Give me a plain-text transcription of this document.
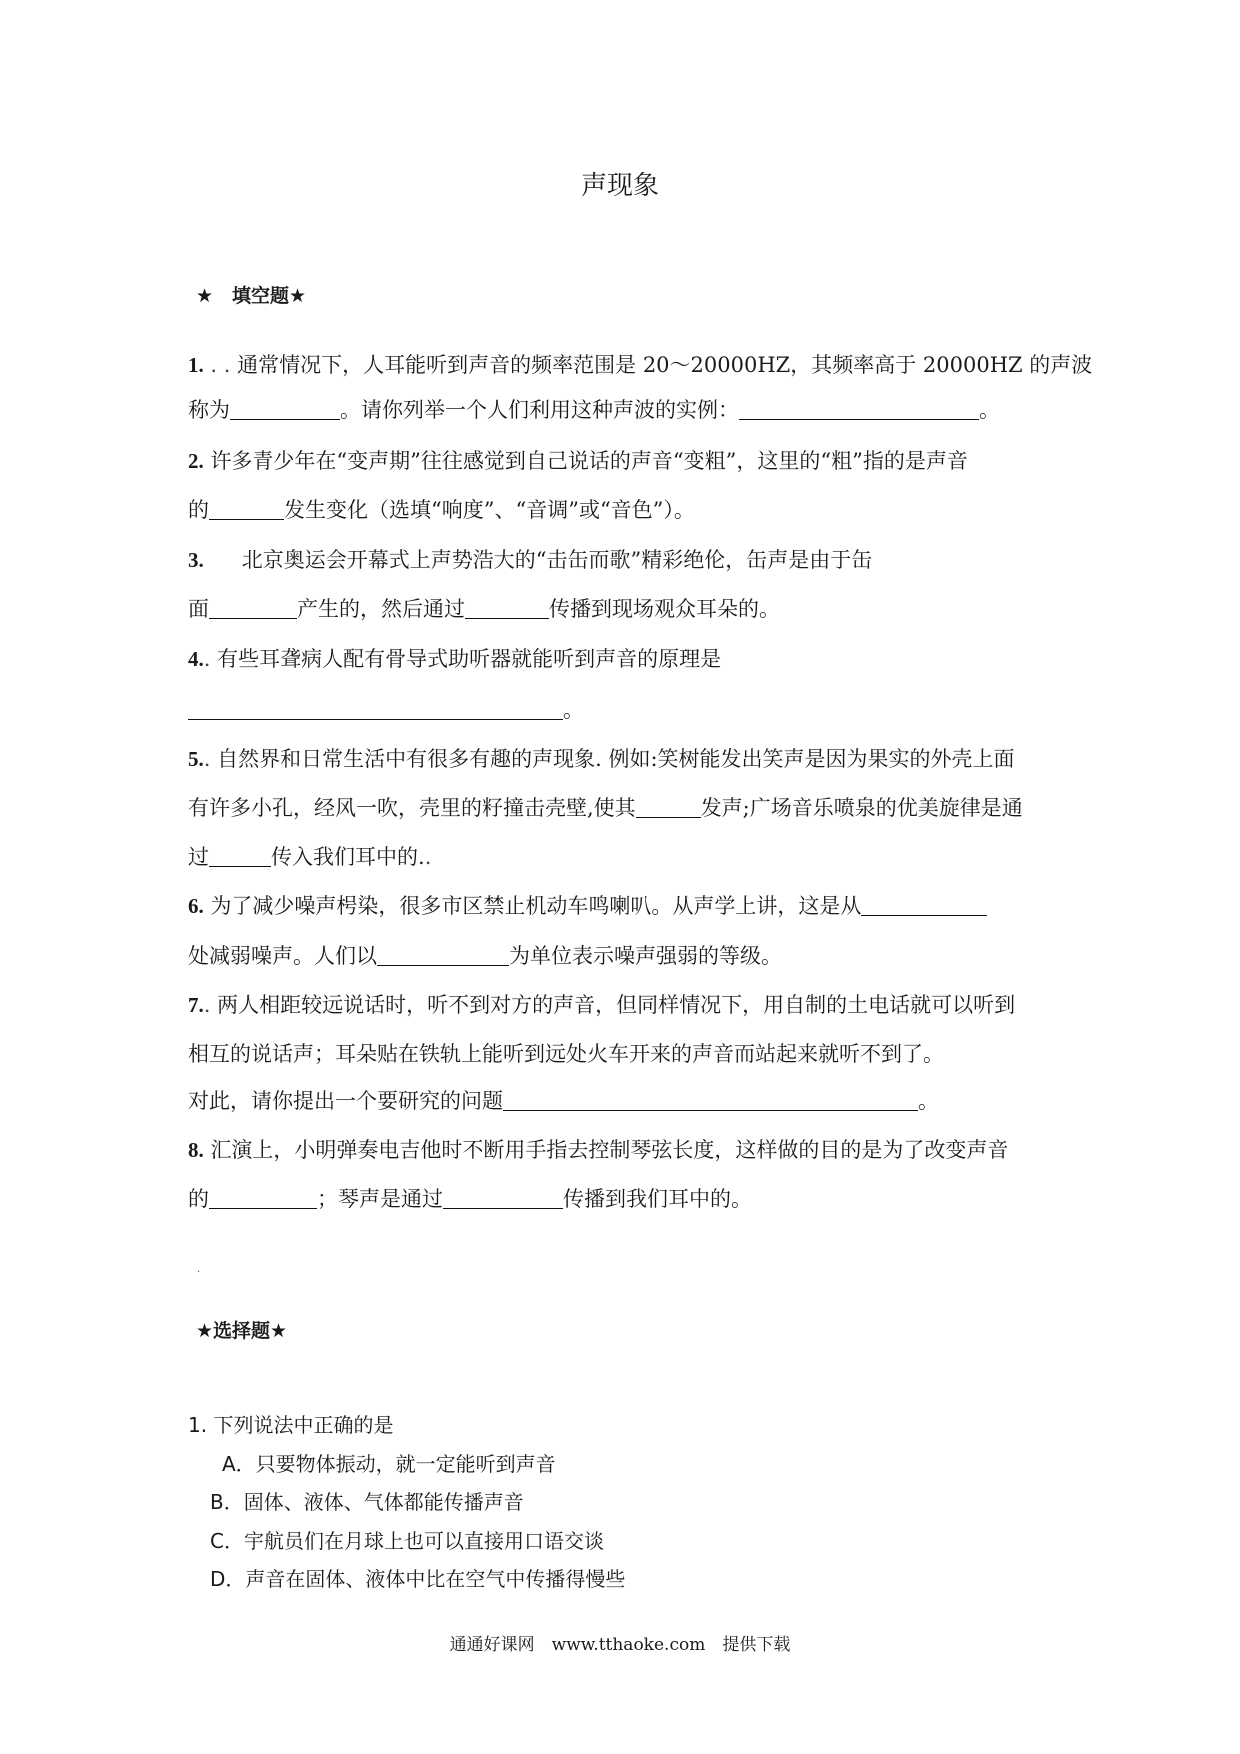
声现象
★　填空题★
1. . . 通常情况下，人耳能听到声音的频率范围是 20～20000HZ，其频率高于 20000HZ 的声波
称为	。请你列举一个人们利用这种声波的实例：	。
2. 许多青少年在“变声期”往往感觉到自己说话的声音“变粗”，这里的“粗”指的是声音
的	发生变化（选填“响度”、“音调”或“音色”）。
3. 北京奥运会开幕式上声势浩大的“击缶而歌”精彩绝伦，缶声是由于缶
面	产生的，然后通过	传播到现场观众耳朵的。
4.. 有些耳聋病人配有骨导式助听器就能听到声音的原理是
。
5.. 自然界和日常生活中有很多有趣的声现象. 例如:笑树能发出笑声是因为果实的外壳上面
有许多小孔，经风一吹，壳里的籽撞击壳壁,使其	发声;广场音乐喷泉的优美旋律是通
过	传入我们耳中的..
6. 为了减少噪声枵染，很多市区禁止机动车鸣喇叭。从声学上讲，这是从
处减弱噪声。人们以	为单位表示噪声强弱的等级。
7.. 两人相距较远说话时，听不到对方的声音，但同样情况下，用自制的土电话就可以听到
相互的说话声；耳朵贴在铁轨上能听到远处火车开来的声音而站起来就听不到了。
对此，请你提出一个要研究的问题	。
8. 汇演上，小明弹奏电吉他时不断用手指去控制琴弦长度，这样做的目的是为了改变声音
的	；琴声是通过	传播到我们耳中的。
·
★选择题★
1. 下列说法中正确的是
A．只要物体振动，就一定能听到声音
B．固体、液体、气体都能传播声音
C．宇航员们在月球上也可以直接用口语交谈
D．声音在固体、液体中比在空气中传播得慢些
通通好课网　www.tthaoke.com　提供下载
